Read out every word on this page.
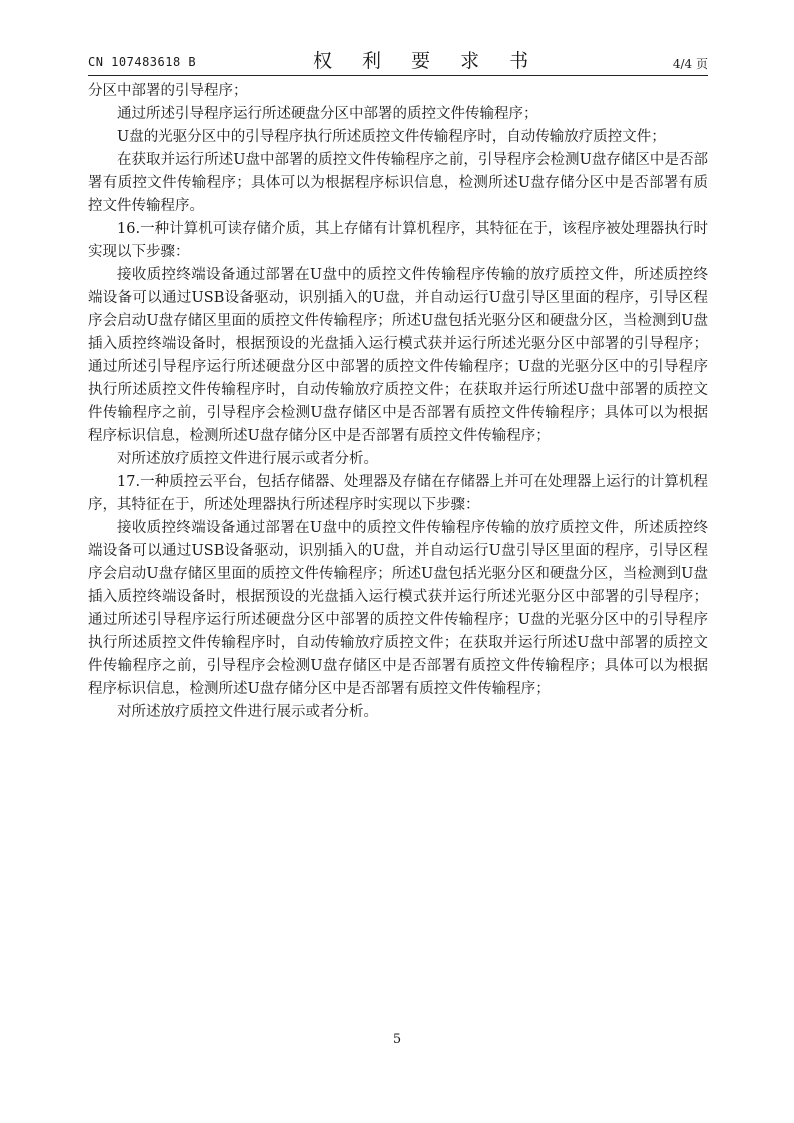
CN 107483618 B	权 利 要 求 书	4/4 页

分区中部署的引导程序；

通过所述引导程序运行所述硬盘分区中部署的质控文件传输程序；

U盘的光驱分区中的引导程序执行所述质控文件传输程序时，自动传输放疗质控文件；

在获取并运行所述U盘中部署的质控文件传输程序之前，引导程序会检测U盘存储区中是否部署有质控文件传输程序；具体可以为根据程序标识信息，检测所述U盘存储分区中是否部署有质控文件传输程序。

16.一种计算机可读存储介质，其上存储有计算机程序，其特征在于，该程序被处理器执行时实现以下步骤：

接收质控终端设备通过部署在U盘中的质控文件传输程序传输的放疗质控文件，所述质控终端设备可以通过USB设备驱动，识别插入的U盘，并自动运行U盘引导区里面的程序，引导区程序会启动U盘存储区里面的质控文件传输程序；所述U盘包括光驱分区和硬盘分区，当检测到U盘插入质控终端设备时，根据预设的光盘插入运行模式获并运行所述光驱分区中部署的引导程序；通过所述引导程序运行所述硬盘分区中部署的质控文件传输程序；U盘的光驱分区中的引导程序执行所述质控文件传输程序时，自动传输放疗质控文件；在获取并运行所述U盘中部署的质控文件传输程序之前，引导程序会检测U盘存储区中是否部署有质控文件传输程序；具体可以为根据程序标识信息，检测所述U盘存储分区中是否部署有质控文件传输程序；

对所述放疗质控文件进行展示或者分析。

17.一种质控云平台，包括存储器、处理器及存储在存储器上并可在处理器上运行的计算机程序，其特征在于，所述处理器执行所述程序时实现以下步骤：

接收质控终端设备通过部署在U盘中的质控文件传输程序传输的放疗质控文件，所述质控终端设备可以通过USB设备驱动，识别插入的U盘，并自动运行U盘引导区里面的程序，引导区程序会启动U盘存储区里面的质控文件传输程序；所述U盘包括光驱分区和硬盘分区，当检测到U盘插入质控终端设备时，根据预设的光盘插入运行模式获并运行所述光驱分区中部署的引导程序；通过所述引导程序运行所述硬盘分区中部署的质控文件传输程序；U盘的光驱分区中的引导程序执行所述质控文件传输程序时，自动传输放疗质控文件；在获取并运行所述U盘中部署的质控文件传输程序之前，引导程序会检测U盘存储区中是否部署有质控文件传输程序；具体可以为根据程序标识信息，检测所述U盘存储分区中是否部署有质控文件传输程序；

对所述放疗质控文件进行展示或者分析。

5
